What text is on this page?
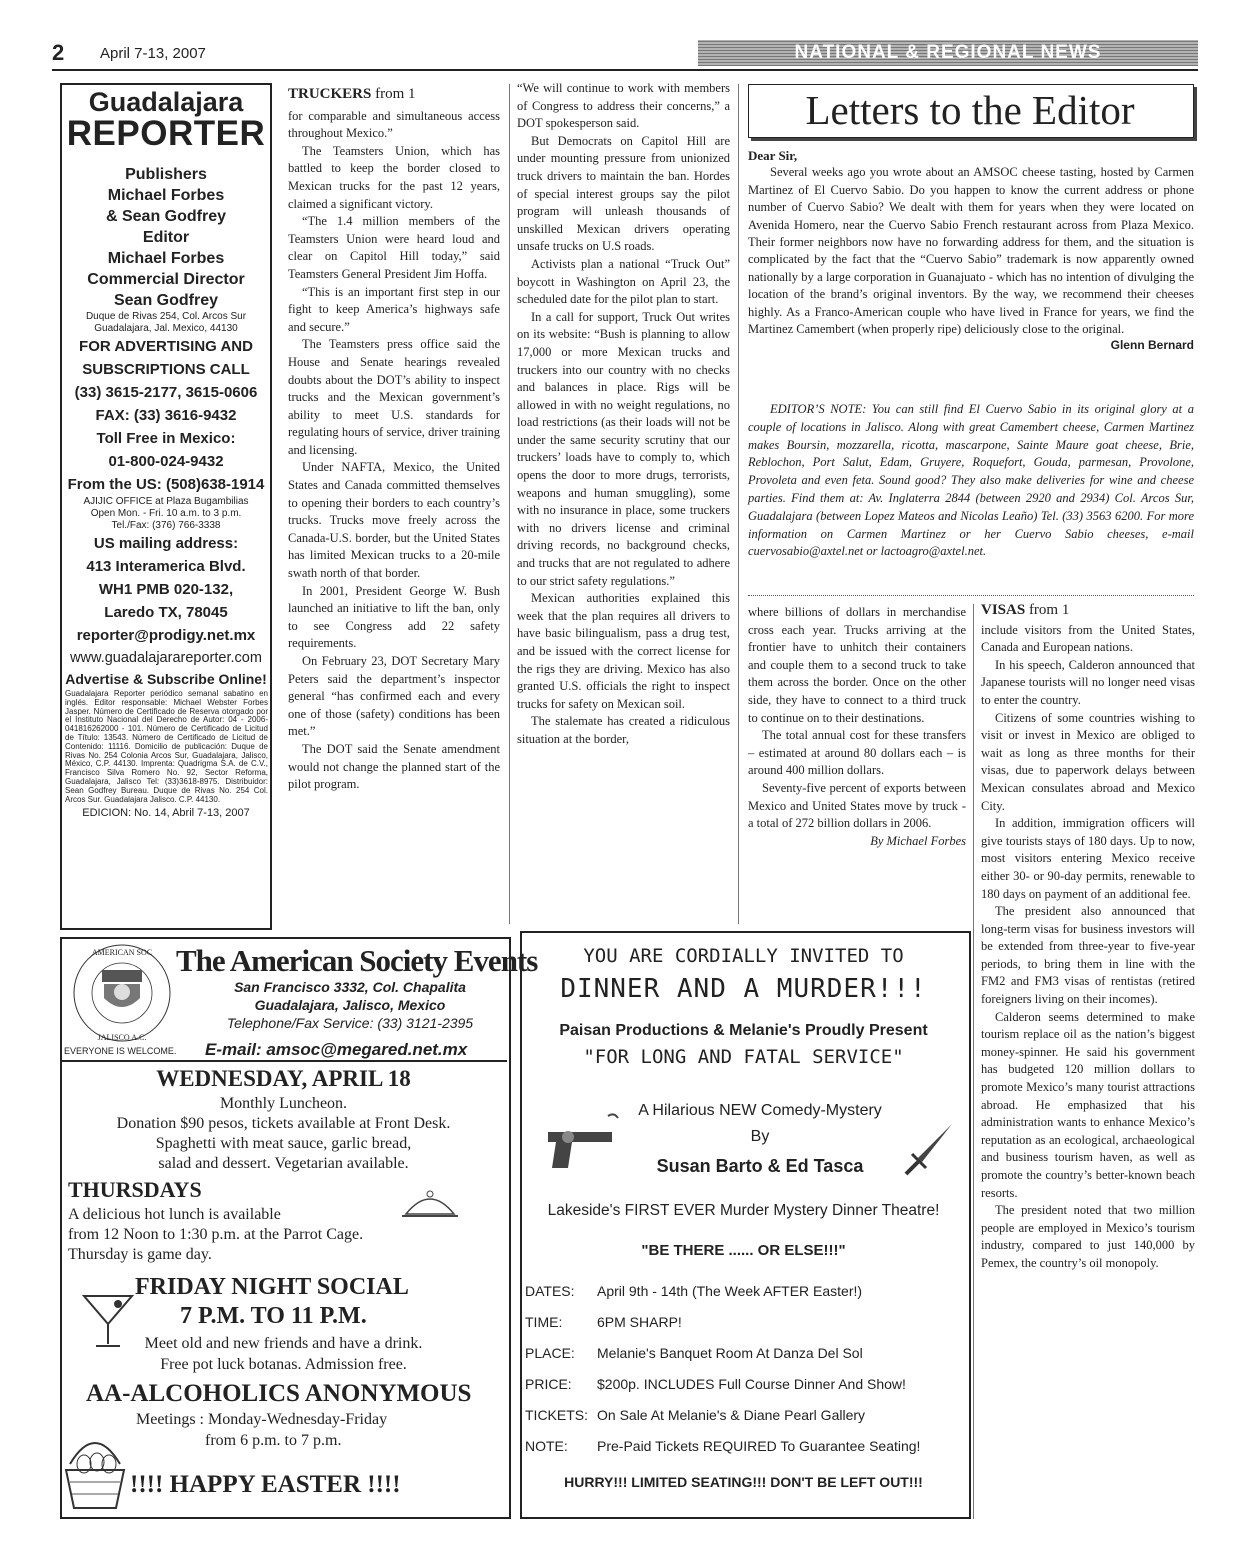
2 April 7-13, 2007	NATIONAL & REGIONAL NEWS
Guadalajara
REPORTER
Publishers
Michael Forbes
& Sean Godfrey
Editor
Michael Forbes
Commercial Director
Sean Godfrey
Duque de Rivas 254, Col. Arcos Sur
Guadalajara, Jal. Mexico, 44130
FOR ADVERTISING AND
SUBSCRIPTIONS CALL
(33) 3615-2177, 3615-0606
FAX: (33) 3616-9432
Toll Free in Mexico:
01-800-024-9432
From the US: (508)638-1914
AJIJIC OFFICE at Plaza Bugambilias
Open Mon. - Fri. 10 a.m. to 3 p.m.
Tel./Fax: (376) 766-3338
US mailing address:
413 Interamerica Blvd.
WH1 PMB 020-132,
Laredo TX, 78045
reporter@prodigy.net.mx
www.guadalajarareporter.com
Advertise & Subscribe Online!
Guadalajara Reporter periódico semanal sabatino en inglés. Editor responsable: Michael Webster Forbes Jasper. Número de Certificado de Reserva otorgado por el Instituto Nacional del Derecho de Autor: 04 - 2006- 041816262000 - 101. Número de Certificado de Licitud de Título: 13543. Número de Certificado de Licitud de Contenido: 11116. Domicilio de publicación: Duque de Rivas No. 254 Colonia Arcos Sur, Guadalajara, Jalisco, México, C.P. 44130. Imprenta: Quadrigma S.A. de C.V., Francisco Silva Romero No. 92, Sector Reforma, Guadalajara, Jalisco Tel: (33)3618-8975. Distribuidor: Sean Godfrey Bureau. Duque de Rivas No. 254 Col. Arcos Sur. Guadalajara Jalisco. C.P. 44130.
EDICION: No. 14, Abril 7-13, 2007

TRUCKERS from 1

for comparable and simultaneous access throughout Mexico.”

The Teamsters Union, which has battled to keep the border closed to Mexican trucks for the past 12 years, claimed a significant victory.

“The 1.4 million members of the Teamsters Union were heard loud and clear on Capitol Hill today,” said Teamsters General President Jim Hoffa.

“This is an important first step in our fight to keep America’s highways safe and secure.”

The Teamsters press office said the House and Senate hearings revealed doubts about the DOT’s ability to inspect trucks and the Mexican government’s ability to meet U.S. standards for regulating hours of service, driver training and licensing.

Under NAFTA, Mexico, the United States and Canada committed themselves to opening their borders to each country’s trucks. Trucks move freely across the Canada-U.S. border, but the United States has limited Mexican trucks to a 20-mile swath north of that border.

In 2001, President George W. Bush launched an initiative to lift the ban, only to see Congress add 22 safety requirements.

On February 23, DOT Secretary Mary Peters said the department’s inspector general “has confirmed each and every one of those (safety) conditions has been met.”

The DOT said the Senate amendment would not change the planned start of the pilot program.

“We will continue to work with members of Congress to address their concerns,” a DOT spokesperson said.

But Democrats on Capitol Hill are under mounting pressure from unionized truck drivers to maintain the ban. Hordes of special interest groups say the pilot program will unleash thousands of unskilled Mexican drivers operating unsafe trucks on U.S roads.

Activists plan a national “Truck Out” boycott in Washington on April 23, the scheduled date for the pilot plan to start.

In a call for support, Truck Out writes on its website: “Bush is planning to allow 17,000 or more Mexican trucks and truckers into our country with no checks and balances in place. Rigs will be allowed in with no weight regulations, no load restrictions (as their loads will not be under the same security scrutiny that our truckers’ loads have to comply to, which opens the door to more drugs, terrorists, weapons and human smuggling), some with no insurance in place, some truckers with no drivers license and criminal driving records, no background checks, and trucks that are not regulated to adhere to our strict safety regulations.”

Mexican authorities explained this week that the plan requires all drivers to have basic bilingualism, pass a drug test, and be issued with the correct license for the rigs they are driving. Mexico has also granted U.S. officials the right to inspect trucks for safety on Mexican soil.

The stalemate has created a ridiculous situation at the border,

Letters to the Editor
Dear Sir,
Several weeks ago you wrote about an AMSOC cheese tasting, hosted by Carmen Martinez of El Cuervo Sabio. Do you happen to know the current address or phone number of Cuervo Sabio? We dealt with them for years when they were located on Avenida Homero, near the Cuervo Sabio French restaurant across from Plaza Mexico. Their former neighbors now have no forwarding address for them, and the situation is complicated by the fact that the “Cuervo Sabio” trademark is now apparently owned nationally by a large corporation in Guanajuato - which has no intention of divulging the location of the brand’s original inventors. By the way, we recommend their cheeses highly. As a Franco-American couple who have lived in France for years, we find the Martinez Camembert (when properly ripe) deliciously close to the original.
Glenn Bernard

EDITOR’S NOTE: You can still find El Cuervo Sabio in its original glory at a couple of locations in Jalisco. Along with great Camembert cheese, Carmen Martinez makes Boursin, mozzarella, ricotta, mascarpone, Sainte Maure goat cheese, Brie, Reblochon, Port Salut, Edam, Gruyere, Roquefort, Gouda, parmesan, Provolone, Provoleta and even feta. Sound good? They also make deliveries for wine and cheese parties. Find them at: Av. Inglaterra 2844 (between 2920 and 2934) Col. Arcos Sur, Guadalajara (between Lopez Mateos and Nicolas Leaño) Tel. (33) 3563 6200. For more information on Carmen Martinez or her Cuervo Sabio cheeses, e-mail cuervosabio@axtel.net or lactoagro@axtel.net.

where billions of dollars in merchandise cross each year. Trucks arriving at the frontier have to unhitch their containers and couple them to a second truck to take them across the border. Once on the other side, they have to connect to a third truck to continue on to their destinations.

The total annual cost for these transfers – estimated at around 80 dollars each – is around 400 million dollars.

Seventy-five percent of exports between Mexico and United States move by truck - a total of 272 billion dollars in 2006.

By Michael Forbes

VISAS from 1

include visitors from the United States, Canada and European nations.

In his speech, Calderon announced that Japanese tourists will no longer need visas to enter the country.

Citizens of some countries wishing to visit or invest in Mexico are obliged to wait as long as three months for their visas, due to paperwork delays between Mexican consulates abroad and Mexico City.

In addition, immigration officers will give tourists stays of 180 days. Up to now, most visitors entering Mexico receive either 30- or 90-day permits, renewable to 180 days on payment of an additional fee.

The president also announced that long-term visas for business investors will be extended from three-year to five-year periods, to bring them in line with the FM2 and FM3 visas of rentistas (retired foreigners living on their incomes).

Calderon seems determined to make tourism replace oil as the nation’s biggest money-spinner. He said his government has budgeted 120 million dollars to promote Mexico’s many tourist attractions abroad. He emphasized that his administration wants to enhance Mexico’s reputation as an ecological, archaeological and business tourism haven, as well as promote the country’s better-known beach resorts.

The president noted that two million people are employed in Mexico’s tourism industry, compared to just 140,000 by Pemex, the country’s oil monopoly.

AMERICAN SOC
JALISCO A.C.
The American Society Events
San Francisco 3332, Col. Chapalita
Guadalajara, Jalisco, Mexico
Telephone/Fax Service: (33) 3121-2395
E-mail: amsoc@megared.net.mx
EVERYONE IS WELCOME.
WEDNESDAY, APRIL 18
Monthly Luncheon.
Donation $90 pesos, tickets available at Front Desk.
Spaghetti with meat sauce, garlic bread,
salad and dessert. Vegetarian available.
THURSDAYS
A delicious hot lunch is available
from 12 Noon to 1:30 p.m. at the Parrot Cage.
Thursday is game day.
FRIDAY NIGHT SOCIAL
7 P.M. TO 11 P.M.
Meet old and new friends and have a drink.
Free pot luck botanas. Admission free.
AA-ALCOHOLICS ANONYMOUS
Meetings : Monday-Wednesday-Friday
from 6 p.m. to 7 p.m.
!!!! HAPPY EASTER !!!!
YOU ARE CORDIALLY INVITED TO
DINNER AND A MURDER!!!
Paisan Productions & Melanie's Proudly Present
"FOR LONG AND FATAL SERVICE"
A Hilarious NEW Comedy-Mystery
By
Susan Barto & Ed Tasca
Lakeside's FIRST EVER Murder Mystery Dinner Theatre!
"BE THERE ...... OR ELSE!!!"
DATES: April 9th - 14th (The Week AFTER Easter!)
TIME: 6PM SHARP!
PLACE: Melanie's Banquet Room At Danza Del Sol
PRICE: $200p. INCLUDES Full Course Dinner And Show!
TICKETS: On Sale At Melanie's & Diane Pearl Gallery
NOTE: Pre-Paid Tickets REQUIRED To Guarantee Seating!
HURRY!!! LIMITED SEATING!!! DON'T BE LEFT OUT!!!
